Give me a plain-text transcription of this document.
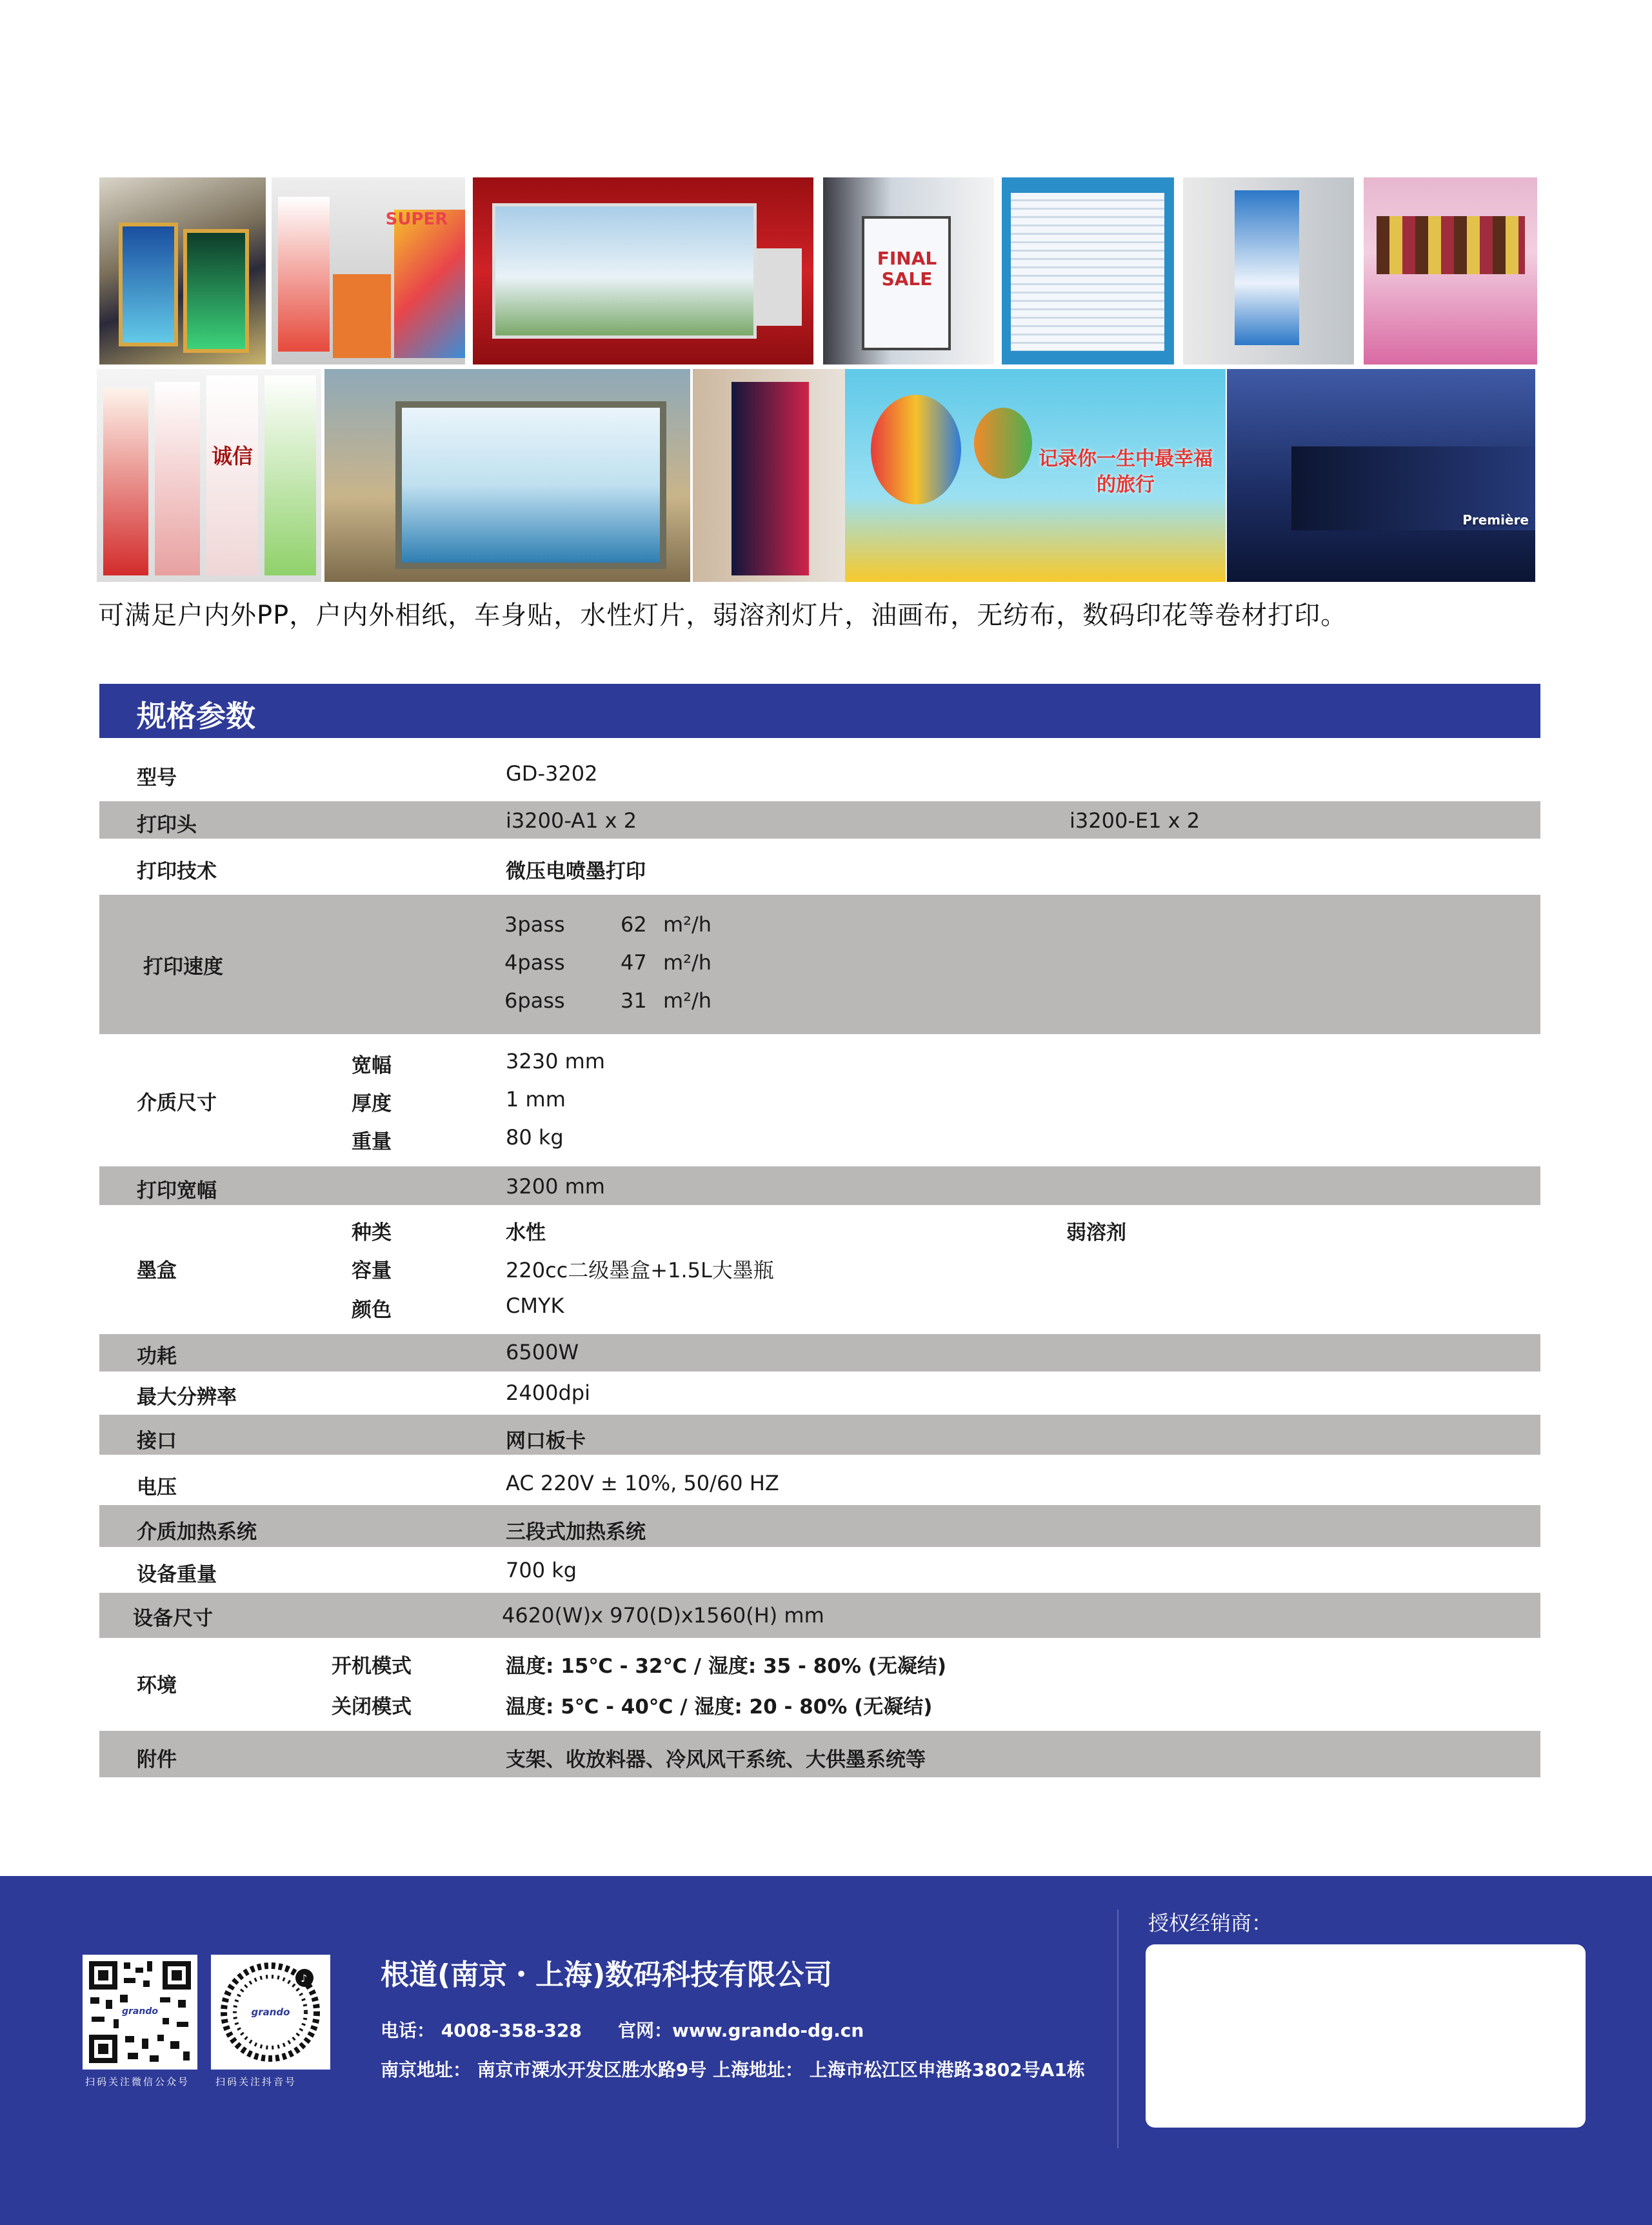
SUPER
FINAL SALE
诚信	记录你一生中最幸福的旅行
Première
可满足户内外PP，户内外相纸，车身贴，水性灯片，弱溶剂灯片，油画布，无纺布，数码印花等卷材打印。
规格参数
型号	GD-3202
打印头	i3200-A1 x 2	i3200-E1 x 2
打印技术	微压电喷墨打印
打印速度
3pass	62 m²/h
4pass	47 m²/h
6pass	31 m²/h
介质尺寸
宽幅	3230 mm
厚度	1 mm
重量	80 kg
打印宽幅	3200 mm
墨盒
种类	水性	弱溶剂
容量	220cc二级墨盒+1.5L大墨瓶
颜色	CMYK
功耗	6500W
最大分辨率	2400dpi
接口	网口板卡
电压	AC 220V ± 10%, 50/60 HZ
介质加热系统	三段式加热系统
设备重量	700 kg
设备尺寸	4620(W)x 970(D)x1560(H) mm
环境
开机模式	温度: 15℃ - 32℃ / 湿度: 35 - 80% (无凝结)
关闭模式	温度: 5℃ - 40℃ / 湿度: 20 - 80% (无凝结)
附件	支架、收放料器、冷风风干系统、大供墨系统等
grando
扫码关注微信公众号
♪
grando
扫码关注抖音号
根道(南京・上海)数码科技有限公司
电话： 4008-358-328 官网：www.grando-dg.cn
南京地址： 南京市溧水开发区胜水路9号 上海地址： 上海市松江区申港路3802号A1栋
授权经销商：
